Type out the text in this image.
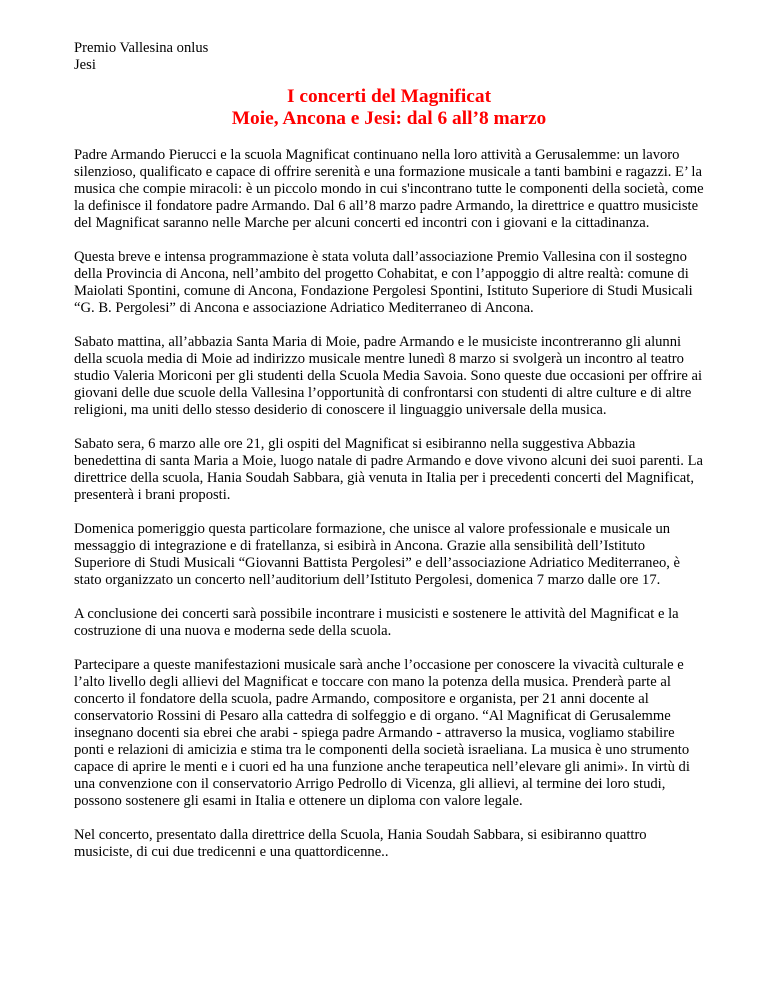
Premio Vallesina onlus
Jesi
I concerti del Magnificat
Moie, Ancona e Jesi: dal 6 all’8 marzo

Padre Armando Pierucci e la scuola Magnificat continuano nella loro attività a Gerusalemme: un lavoro silenzioso, qualificato e capace di offrire serenità e una formazione musicale a tanti bambini e ragazzi. E’ la musica che compie miracoli: è un piccolo mondo in cui s'incontrano tutte le componenti della società, come la definisce il fondatore padre Armando. Dal 6 all’8 marzo padre Armando, la direttrice e quattro musiciste del Magnificat saranno nelle Marche per alcuni concerti ed incontri con i giovani e la cittadinanza.

Questa breve e intensa programmazione è stata voluta dall’associazione Premio Vallesina con il sostegno della Provincia di Ancona, nell’ambito del progetto Cohabitat, e con l’appoggio di altre realtà: comune di Maiolati Spontini, comune di Ancona, Fondazione Pergolesi Spontini, Istituto Superiore di Studi Musicali “G. B. Pergolesi” di Ancona e associazione Adriatico Mediterraneo di Ancona.

Sabato mattina, all’abbazia Santa Maria di Moie, padre Armando e le musiciste incontreranno gli alunni della scuola media di Moie ad indirizzo musicale mentre lunedì 8 marzo si svolgerà un incontro al teatro studio Valeria Moriconi per gli studenti della Scuola Media Savoia. Sono queste due occasioni per offrire ai giovani delle due scuole della Vallesina l’opportunità di confrontarsi con studenti di altre culture e di altre religioni, ma uniti dello stesso desiderio di conoscere il linguaggio universale della musica.

Sabato sera, 6 marzo alle ore 21, gli ospiti del Magnificat si esibiranno nella suggestiva Abbazia benedettina di santa Maria a Moie, luogo natale di padre Armando e dove vivono alcuni dei suoi parenti. La direttrice della scuola, Hania Soudah Sabbara, già venuta in Italia per i precedenti concerti del Magnificat, presenterà i brani proposti.

Domenica pomeriggio questa particolare formazione, che unisce al valore professionale e musicale un messaggio di integrazione e di fratellanza, si esibirà in Ancona. Grazie alla sensibilità dell’Istituto Superiore di Studi Musicali “Giovanni Battista Pergolesi” e dell’associazione Adriatico Mediterraneo, è stato organizzato un concerto nell’auditorium dell’Istituto Pergolesi, domenica 7 marzo dalle ore 17.

A conclusione dei concerti sarà possibile incontrare i musicisti e sostenere le attività del Magnificat e la costruzione di una nuova e moderna sede della scuola.

Partecipare a queste manifestazioni musicale sarà anche l’occasione per conoscere la vivacità culturale e l’alto livello degli allievi del Magnificat e toccare con mano la potenza della musica. Prenderà parte al concerto il fondatore della scuola, padre Armando, compositore e organista, per 21 anni docente al conservatorio Rossini di Pesaro alla cattedra di solfeggio e di organo. “Al Magnificat di Gerusalemme insegnano docenti sia ebrei che arabi - spiega padre Armando - attraverso la musica, vogliamo stabilire ponti e relazioni di amicizia e stima tra le componenti della società israeliana. La musica è uno strumento capace di aprire le menti e i cuori ed ha una funzione anche terapeutica nell’elevare gli animi». In virtù di una convenzione con il conservatorio Arrigo Pedrollo di Vicenza, gli allievi, al termine dei loro studi, possono sostenere gli esami in Italia e ottenere un diploma con valore legale.

Nel concerto, presentato dalla direttrice della Scuola, Hania Soudah Sabbara, si esibiranno quattro musiciste, di cui due tredicenni e una quattordicenne..
